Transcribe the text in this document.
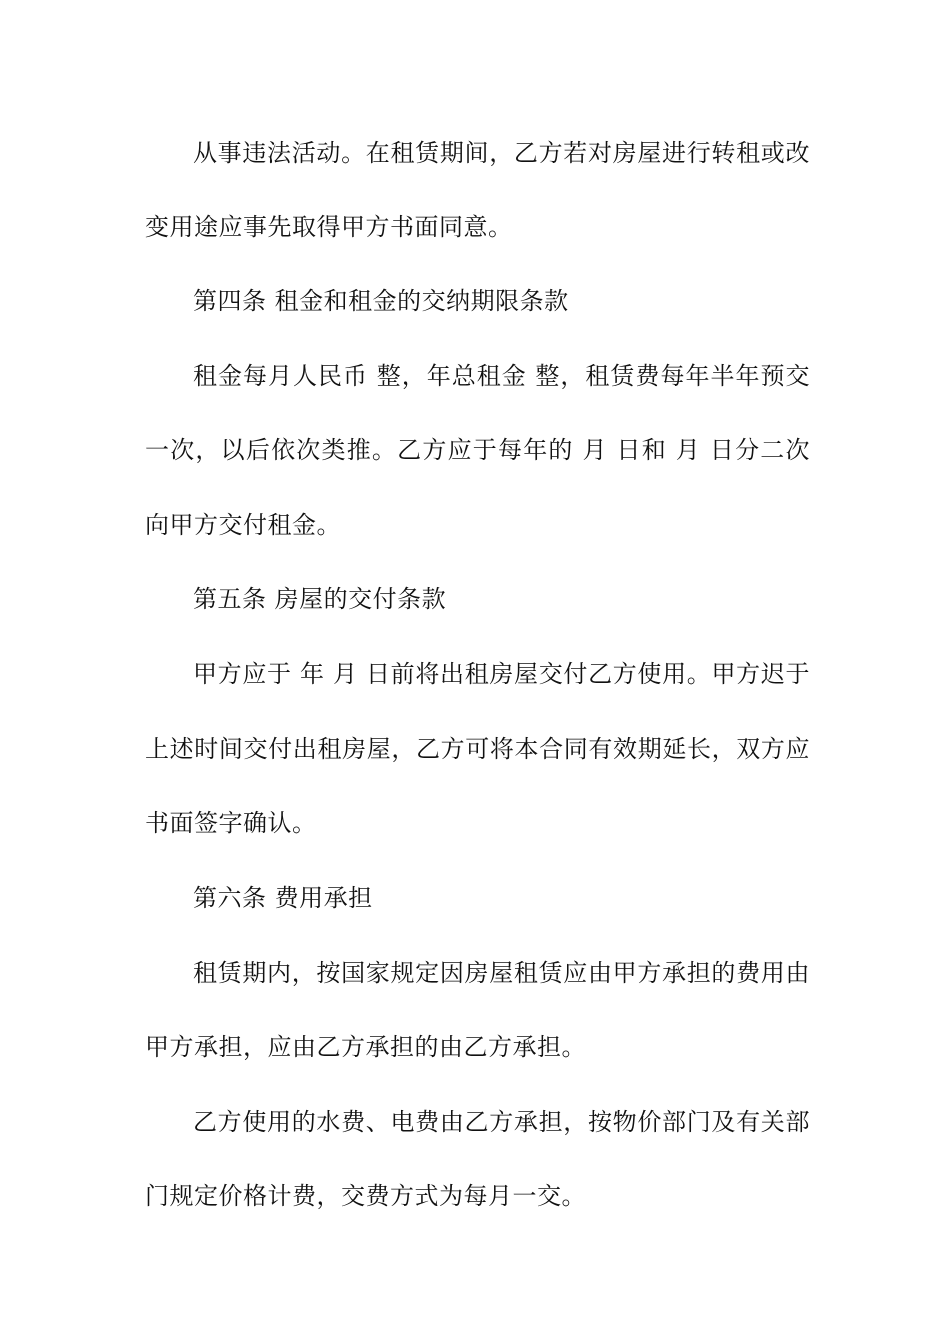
从事违法活动。在租赁期间，乙方若对房屋进行转租或改
变用途应事先取得甲方书面同意。
第四条 租金和租金的交纳期限条款
租金每月人民币 整，年总租金 整，租赁费每年半年预交
一次，以后依次类推。乙方应于每年的 月 日和 月 日分二次
向甲方交付租金。
第五条 房屋的交付条款
甲方应于 年 月 日前将出租房屋交付乙方使用。甲方迟于
上述时间交付出租房屋，乙方可将本合同有效期延长，双方应
书面签字确认。
第六条 费用承担
租赁期内，按国家规定因房屋租赁应由甲方承担的费用由
甲方承担，应由乙方承担的由乙方承担。
乙方使用的水费、电费由乙方承担，按物价部门及有关部
门规定价格计费，交费方式为每月一交。
